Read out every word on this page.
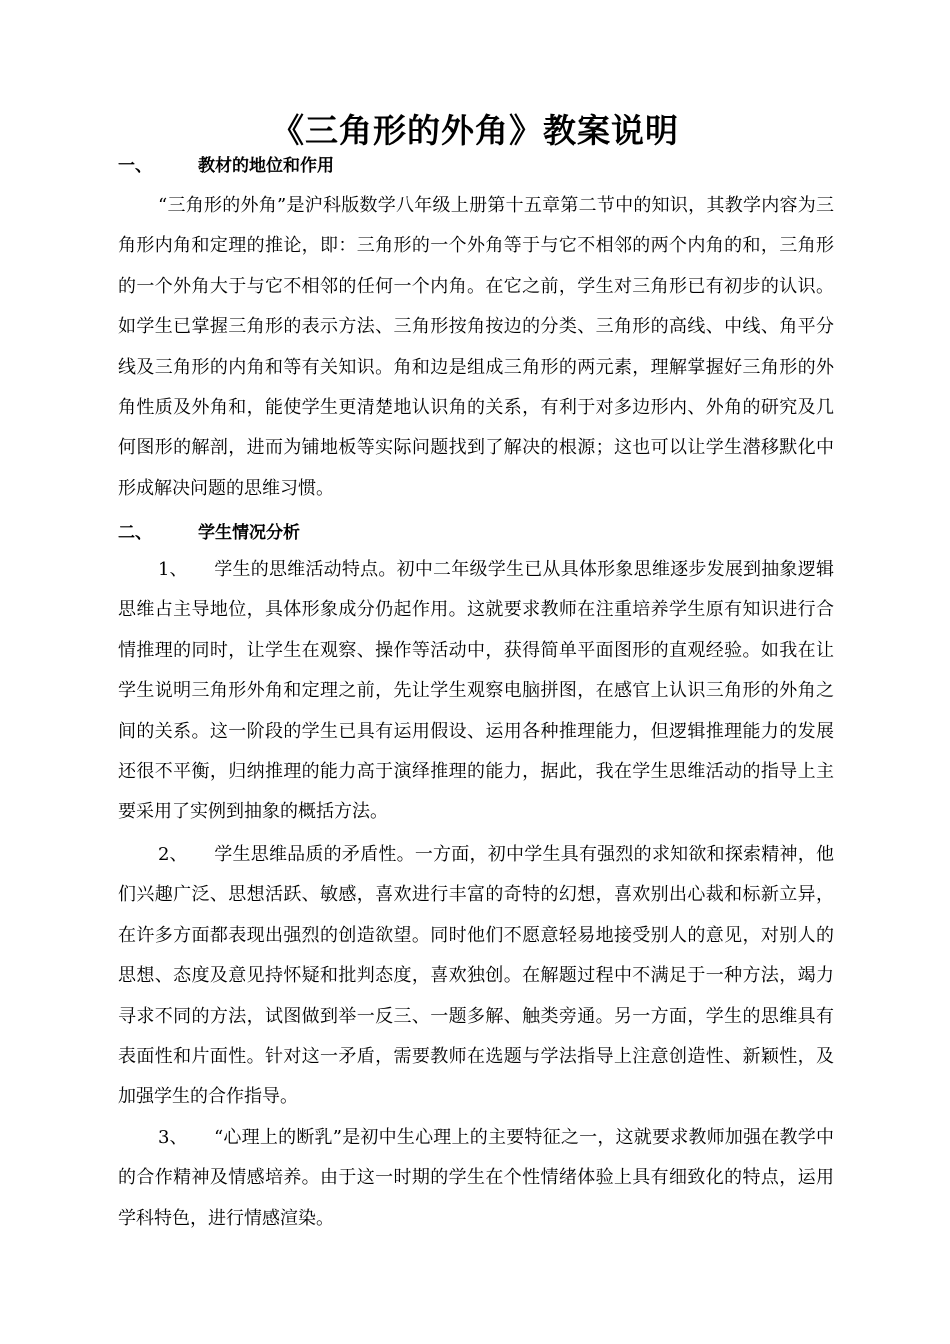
《三角形的外角》教案说明
一、	教材的地位和作用

“三角形的外角”是沪科版数学八年级上册第十五章第二节中的知识，其教学内容为三角形内角和定理的推论，即：三角形的一个外角等于与它不相邻的两个内角的和，三角形的一个外角大于与它不相邻的任何一个内角。在它之前，学生对三角形已有初步的认识。如学生已掌握三角形的表示方法、三角形按角按边的分类、三角形的高线、中线、角平分线及三角形的内角和等有关知识。角和边是组成三角形的两元素，理解掌握好三角形的外角性质及外角和，能使学生更清楚地认识角的关系，有利于对多边形内、外角的研究及几何图形的解剖，进而为铺地板等实际问题找到了解决的根源；这也可以让学生潜移默化中形成解决问题的思维习惯。

二、	学生情况分析

1、 学生的思维活动特点。初中二年级学生已从具体形象思维逐步发展到抽象逻辑思维占主导地位，具体形象成分仍起作用。这就要求教师在注重培养学生原有知识进行合情推理的同时，让学生在观察、操作等活动中，获得简单平面图形的直观经验。如我在让学生说明三角形外角和定理之前，先让学生观察电脑拼图，在感官上认识三角形的外角之间的关系。这一阶段的学生已具有运用假设、运用各种推理能力，但逻辑推理能力的发展还很不平衡，归纳推理的能力高于演绎推理的能力，据此，我在学生思维活动的指导上主要采用了实例到抽象的概括方法。

2、 学生思维品质的矛盾性。一方面，初中学生具有强烈的求知欲和探索精神，他们兴趣广泛、思想活跃、敏感，喜欢进行丰富的奇特的幻想，喜欢别出心裁和标新立异，在许多方面都表现出强烈的创造欲望。同时他们不愿意轻易地接受别人的意见，对别人的思想、态度及意见持怀疑和批判态度，喜欢独创。在解题过程中不满足于一种方法，竭力寻求不同的方法，试图做到举一反三、一题多解、触类旁通。另一方面，学生的思维具有表面性和片面性。针对这一矛盾，需要教师在选题与学法指导上注意创造性、新颖性，及加强学生的合作指导。

3、 “心理上的断乳”是初中生心理上的主要特征之一，这就要求教师加强在教学中的合作精神及情感培养。由于这一时期的学生在个性情绪体验上具有细致化的特点，运用学科特色，进行情感渲染。
